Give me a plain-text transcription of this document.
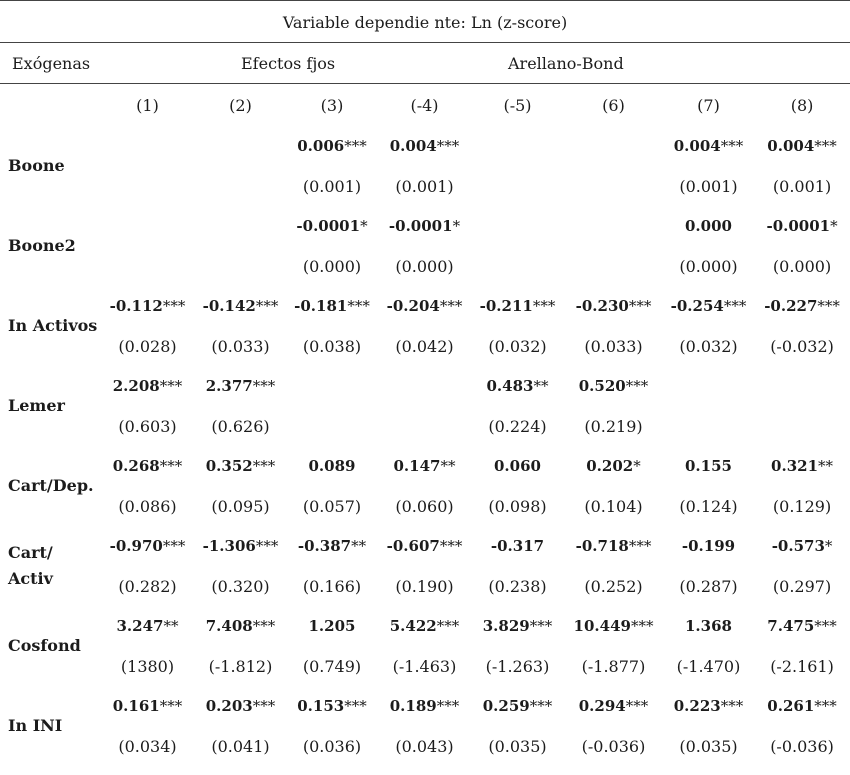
Variable dependie nte: Ln (z-score)								
Exógenas		Efectos fjos		Arellano-Bond				
	(1)	(2)	(3)	(-4)	(-5)	(6)	(7)	(8)
Boone			0.006***	0.004***			0.004***	0.004***
			(0.001)	(0.001)			(0.001)	(0.001)
Boone2			-0.0001*	-0.0001*			0.000	-0.0001*
			(0.000)	(0.000)			(0.000)	(0.000)
In Activos	-0.112***	-0.142***	-0.181***	-0.204***	-0.211***	-0.230***	-0.254***	-0.227***
	(0.028)	(0.033)	(0.038)	(0.042)	(0.032)	(0.033)	(0.032)	(-0.032)
Lemer	2.208***	2.377***			0.483**	0.520***		
	(0.603)	(0.626)			(0.224)	(0.219)		
Cart/Dep.	0.268***	0.352***	0.089	0.147**	0.060	0.202*	0.155	0.321**
	(0.086)	(0.095)	(0.057)	(0.060)	(0.098)	(0.104)	(0.124)	(0.129)
Cart/ Activ	-0.970***	-1.306***	-0.387**	-0.607***	-0.317	-0.718***	-0.199	-0.573*
	(0.282)	(0.320)	(0.166)	(0.190)	(0.238)	(0.252)	(0.287)	(0.297)
Cosfond	3.247**	7.408***	1.205	5.422***	3.829***	10.449***	1.368	7.475***
	(1380)	(-1.812)	(0.749)	(-1.463)	(-1.263)	(-1.877)	(-1.470)	(-2.161)
In INI	0.161***	0.203***	0.153***	0.189***	0.259***	0.294***	0.223***	0.261***
	(0.034)	(0.041)	(0.036)	(0.043)	(0.035)	(-0.036)	(0.035)	(-0.036)
